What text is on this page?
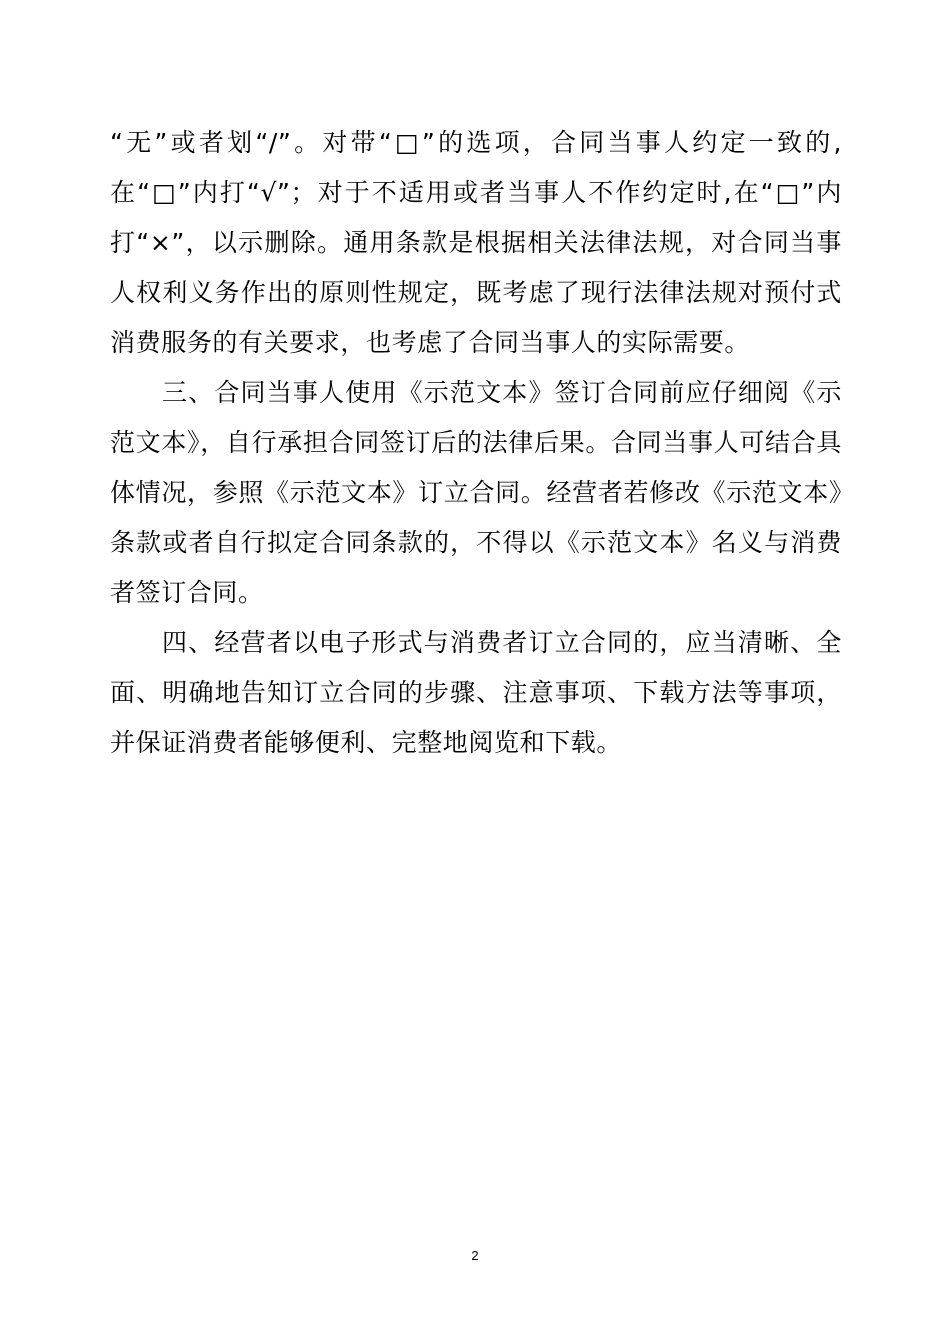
“无”或者划“/”。对带“□”的选项，合同当事人约定一致的,在“□”内打“√”；对于不适用或者当事人不作约定时,在“□”内打“×”，以示删除。通用条款是根据相关法律法规，对合同当事人权利义务作出的原则性规定，既考虑了现行法律法规对预付式消费服务的有关要求，也考虑了合同当事人的实际需要。

三、合同当事人使用《示范文本》签订合同前应仔细阅《示范文本》，自行承担合同签订后的法律后果。合同当事人可结合具体情况，参照《示范文本》订立合同。经营者若修改《示范文本》条款或者自行拟定合同条款的，不得以《示范文本》名义与消费者签订合同。

四、经营者以电子形式与消费者订立合同的，应当清晰、全面、明确地告知订立合同的步骤、注意事项、下载方法等事项，并保证消费者能够便利、完整地阅览和下载。

2
